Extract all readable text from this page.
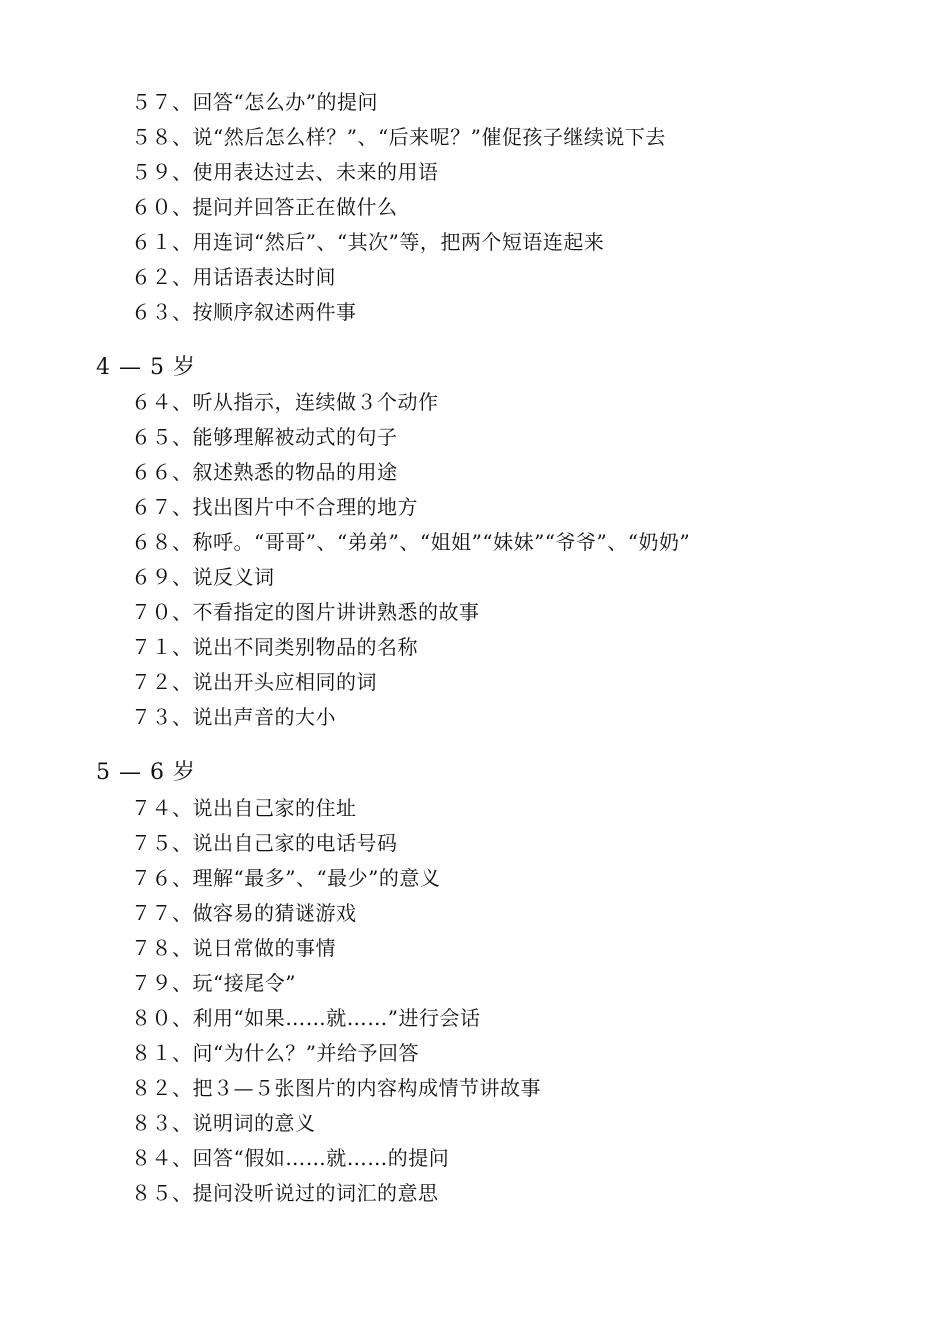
５７、回答“怎么办”的提问
５８、说“然后怎么样？”、“后来呢？”催促孩子继续说下去
５９、使用表达过去、未来的用语
６０、提问并回答正在做什么
６１、用连词“然后”、“其次”等，把两个短语连起来
６２、用话语表达时间
６３、按顺序叙述两件事
4 — 5 岁
６４、听从指示，连续做３个动作
６５、能够理解被动式的句子
６６、叙述熟悉的物品的用途
６７、找出图片中不合理的地方
６８、称呼。“哥哥”、“弟弟”、“姐姐”“妹妹”“爷爷”、“奶奶”
６９、说反义词
７０、不看指定的图片讲讲熟悉的故事
７１、说出不同类别物品的名称
７２、说出开头应相同的词
７３、说出声音的大小
5 — 6 岁
７４、说出自己家的住址
７５、说出自己家的电话号码
７６、理解“最多”、“最少”的意义
７７、做容易的猜谜游戏
７８、说日常做的事情
７９、玩“接尾令”
８０、利用“如果……就……”进行会话
８１、问“为什么？”并给予回答
８２、把３—５张图片的内容构成情节讲故事
８３、说明词的意义
８４、回答“假如……就……的提问
８５、提问没听说过的词汇的意思
